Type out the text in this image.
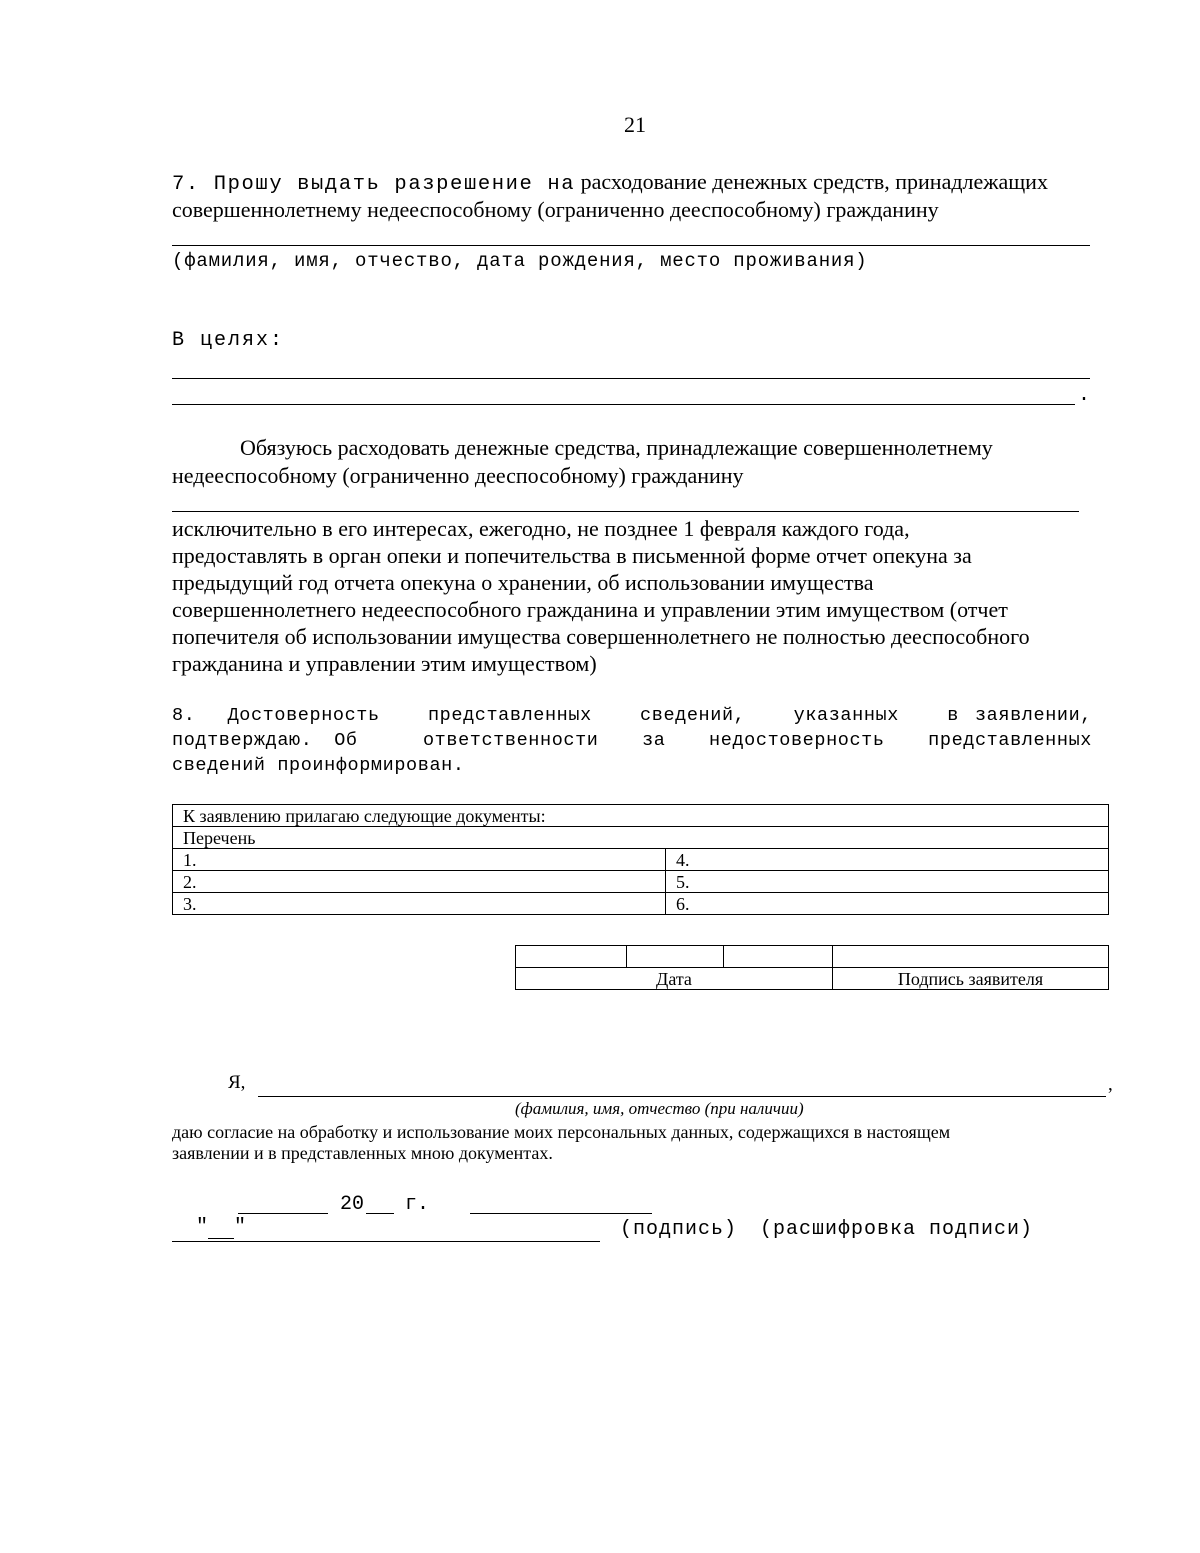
21
7. Прошу выдать разрешение на расходование денежных средств, принадлежащих
совершеннолетнему недееспособному (ограниченно дееспособному) гражданину
(фамилия, имя, отчество, дата рождения, место проживания)
В целях:
.
Обязуюсь расходовать денежные средства, принадлежащие совершеннолетнему
недееспособному (ограниченно дееспособному) гражданину
исключительно в его интересах, ежегодно, не позднее 1 февраля каждого года,
предоставлять в орган опеки и попечительства в письменной форме отчет опекуна за
предыдущий год отчета опекуна о хранении, об использовании имущества
совершеннолетнего недееспособного гражданина и управлении этим имуществом (отчет
попечителя об использовании имущества совершеннолетнего не полностью дееспособного
гражданина и управлении этим имуществом)
8.  Достоверность   представленных   сведений,   указанных   в заявлении,
подтверждаю. Об   ответственности  за  недостоверность  представленных
сведений проинформирован.
К заявлению прилагаю следующие документы:	
Перечень	
1.	4.
2.	5.
3.	6.

Дата			Подпись заявителя
Я,	,
(фамилия, имя, отчество (при наличии)
даю согласие на обработку и использование моих персональных данных, содержащихся в настоящем
заявлении и в представленных мною документах.

" "

20 г.
(подпись) (расшифровка подписи)
